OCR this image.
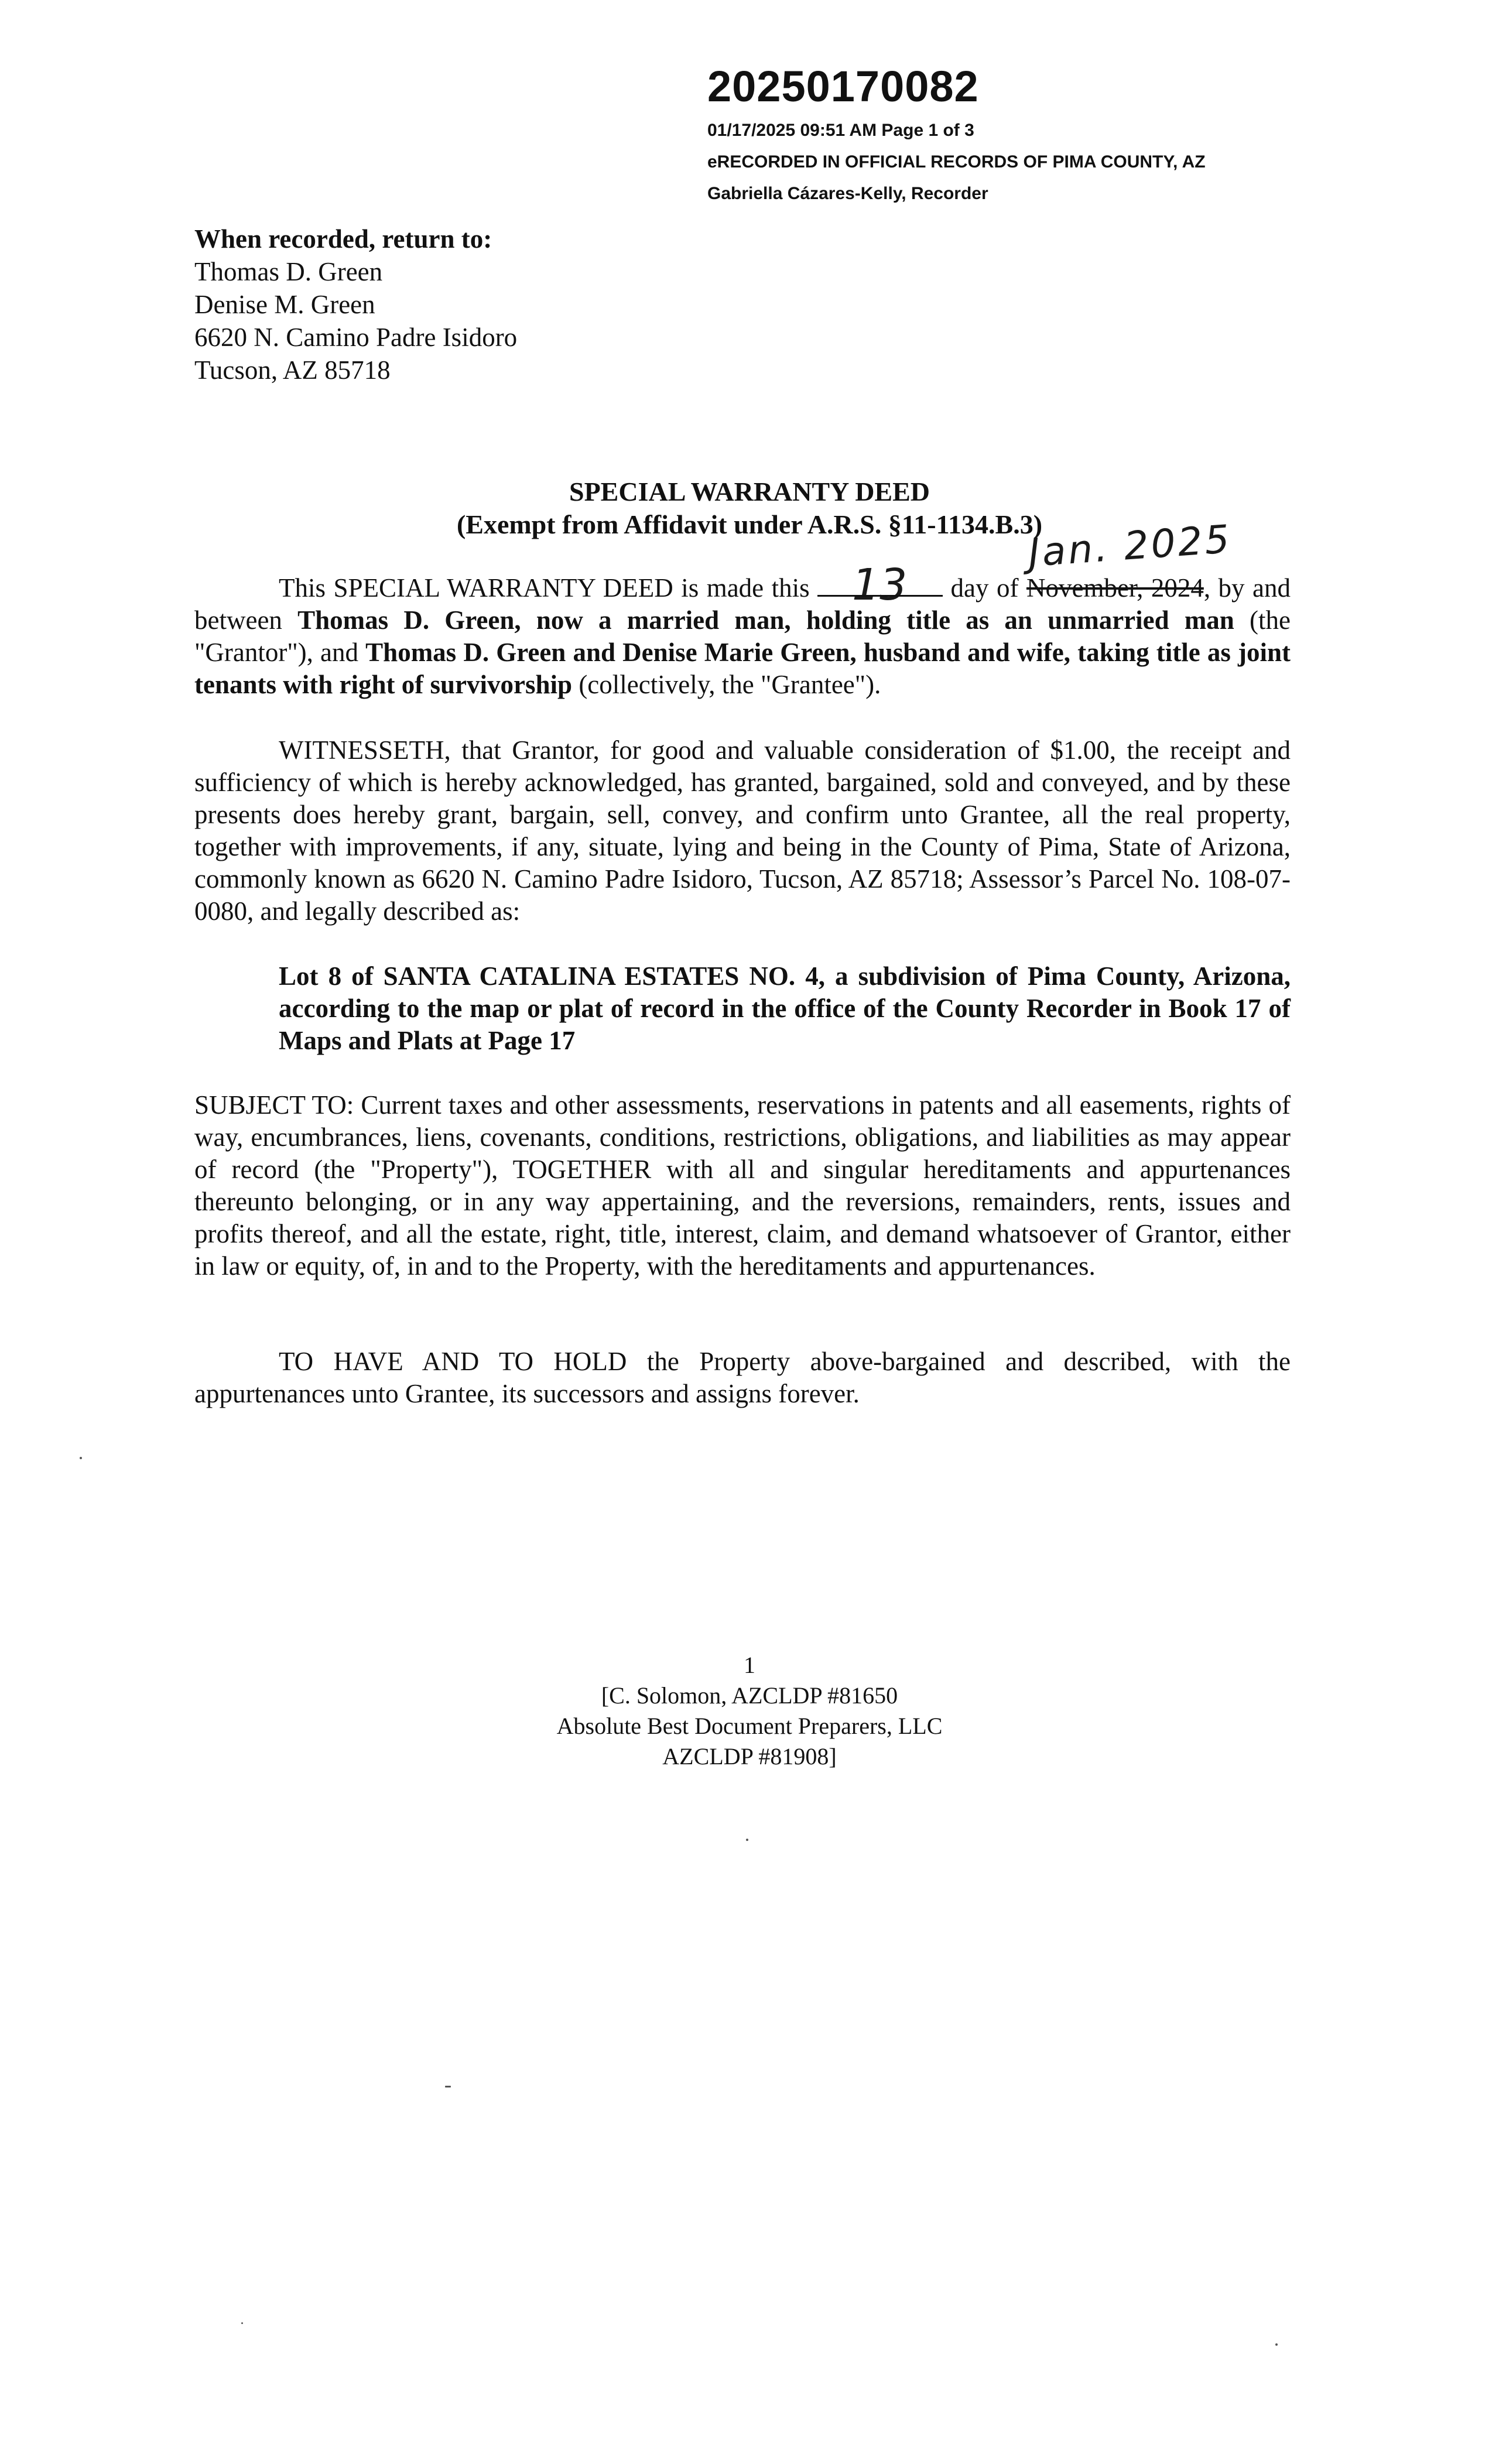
20250170082
01/17/2025 09:51 AM Page 1 of 3
eRECORDED IN OFFICIAL RECORDS OF PIMA COUNTY, AZ
Gabriella Cázares-Kelly, Recorder
When recorded, return to:
Thomas D. Green
Denise M. Green
6620 N. Camino Padre Isidoro
Tucson, AZ 85718
SPECIAL WARRANTY DEED
(Exempt from Affidavit under A.R.S. §11-1134.B.3)
Jan. 2025
13

This SPECIAL WARRANTY DEED is made this	day of November, 2024, by and between Thomas D. Green, now a married man, holding title as an unmarried man (the "Grantor"), and Thomas D. Green and Denise Marie Green, husband and wife, taking title as joint tenants with right of survivorship (collectively, the "Grantee").

WITNESSETH, that Grantor, for good and valuable consideration of $1.00, the receipt and sufficiency of which is hereby acknowledged, has granted, bargained, sold and conveyed, and by these presents does hereby grant, bargain, sell, convey, and confirm unto Grantee, all the real property, together with improvements, if any, situate, lying and being in the County of Pima, State of Arizona, commonly known as 6620 N. Camino Padre Isidoro, Tucson, AZ 85718; Assessor’s Parcel No. 108-07-0080, and legally described as:

Lot 8 of SANTA CATALINA ESTATES NO. 4, a subdivision of Pima County, Arizona, according to the map or plat of record in the office of the County Recorder in Book 17 of Maps and Plats at Page 17

SUBJECT TO: Current taxes and other assessments, reservations in patents and all easements, rights of way, encumbrances, liens, covenants, conditions, restrictions, obligations, and liabilities as may appear of record (the "Property"), TOGETHER with all and singular hereditaments and appurtenances thereunto belonging, or in any way appertaining, and the reversions, remainders, rents, issues and profits thereof, and all the estate, right, title, interest, claim, and demand whatsoever of Grantor, either in law or equity, of, in and to the Property, with the hereditaments and appurtenances.

TO HAVE AND TO HOLD the Property above-bargained and described, with the appurtenances unto Grantee, its successors and assigns forever.

1
[C. Solomon, AZCLDP #81650
Absolute Best Document Preparers, LLC
AZCLDP #81908]
